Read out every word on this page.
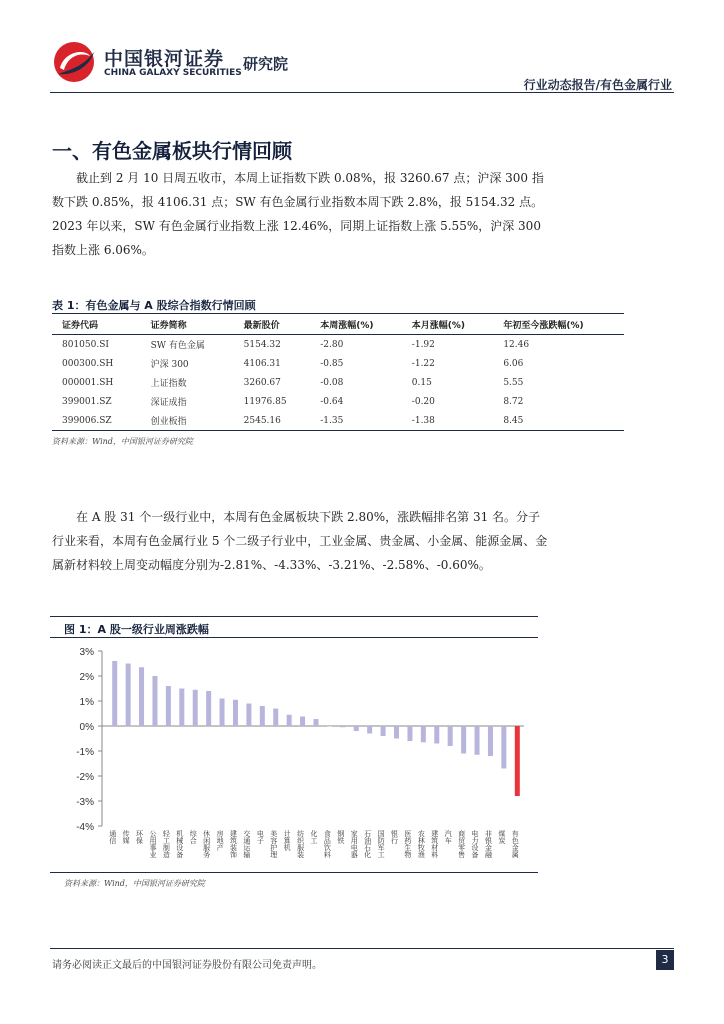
中国银河证券
CHINA GALAXY SECURITIES 研究院
行业动态报告/有色金属行业
一、有色金属板块行情回顾
截止到 2 月 10 日周五收市，本周上证指数下跌 0.08%，报 3260.67 点；沪深 300 指数下跌 0.85%，报 4106.31 点；SW 有色金属行业指数本周下跌 2.8%，报 5154.32 点。2023 年以来，SW 有色金属行业指数上涨 12.46%，同期上证指数上涨 5.55%，沪深 300 指数上涨 6.06%。
表 1：有色金属与 A 股综合指数行情回顾
证券代码	证券简称	最新股价	本周涨幅(%)	本月涨幅(%)	年初至今涨跌幅(%)
801050.SI	SW 有色金属	5154.32	-2.80	-1.92	12.46
000300.SH	沪深 300	4106.31	-0.85	-1.22	6.06
000001.SH	上证指数	3260.67	-0.08	0.15	5.55
399001.SZ	深证成指	11976.85	-0.64	-0.20	8.72
399006.SZ	创业板指	2545.16	-1.35	-1.38	8.45
资料来源：Wind，中国银河证券研究院
在 A 股 31 个一级行业中，本周有色金属板块下跌 2.80%，涨跌幅排名第 31 名。分子行业来看，本周有色金属行业 5 个二级子行业中，工业金属、贵金属、小金属、能源金属、金属新材料较上周变动幅度分别为-2.81%、-4.33%、-3.21%、-2.58%、-0.60%。
图 1：A 股一级行业周涨跌幅
3%
2%
1%
0%
-1%
-2%
-3%
-4%
通信 传媒 环保 公用事业 轻工制造 机械设备 综合 休闲服务 房地产 建筑装饰 交通运输 电子 美容护理 计算机 纺织服装 化工 食品饮料 钢铁 家用电器 石油石化 国防军工 银行 医药生物 农林牧渔 建筑材料 汽车 商贸零售 电力设备 非银金融 煤炭 有色金属
资料来源：Wind，中国银河证券研究院
请务必阅读正文最后的中国银河证券股份有限公司免责声明。	3
